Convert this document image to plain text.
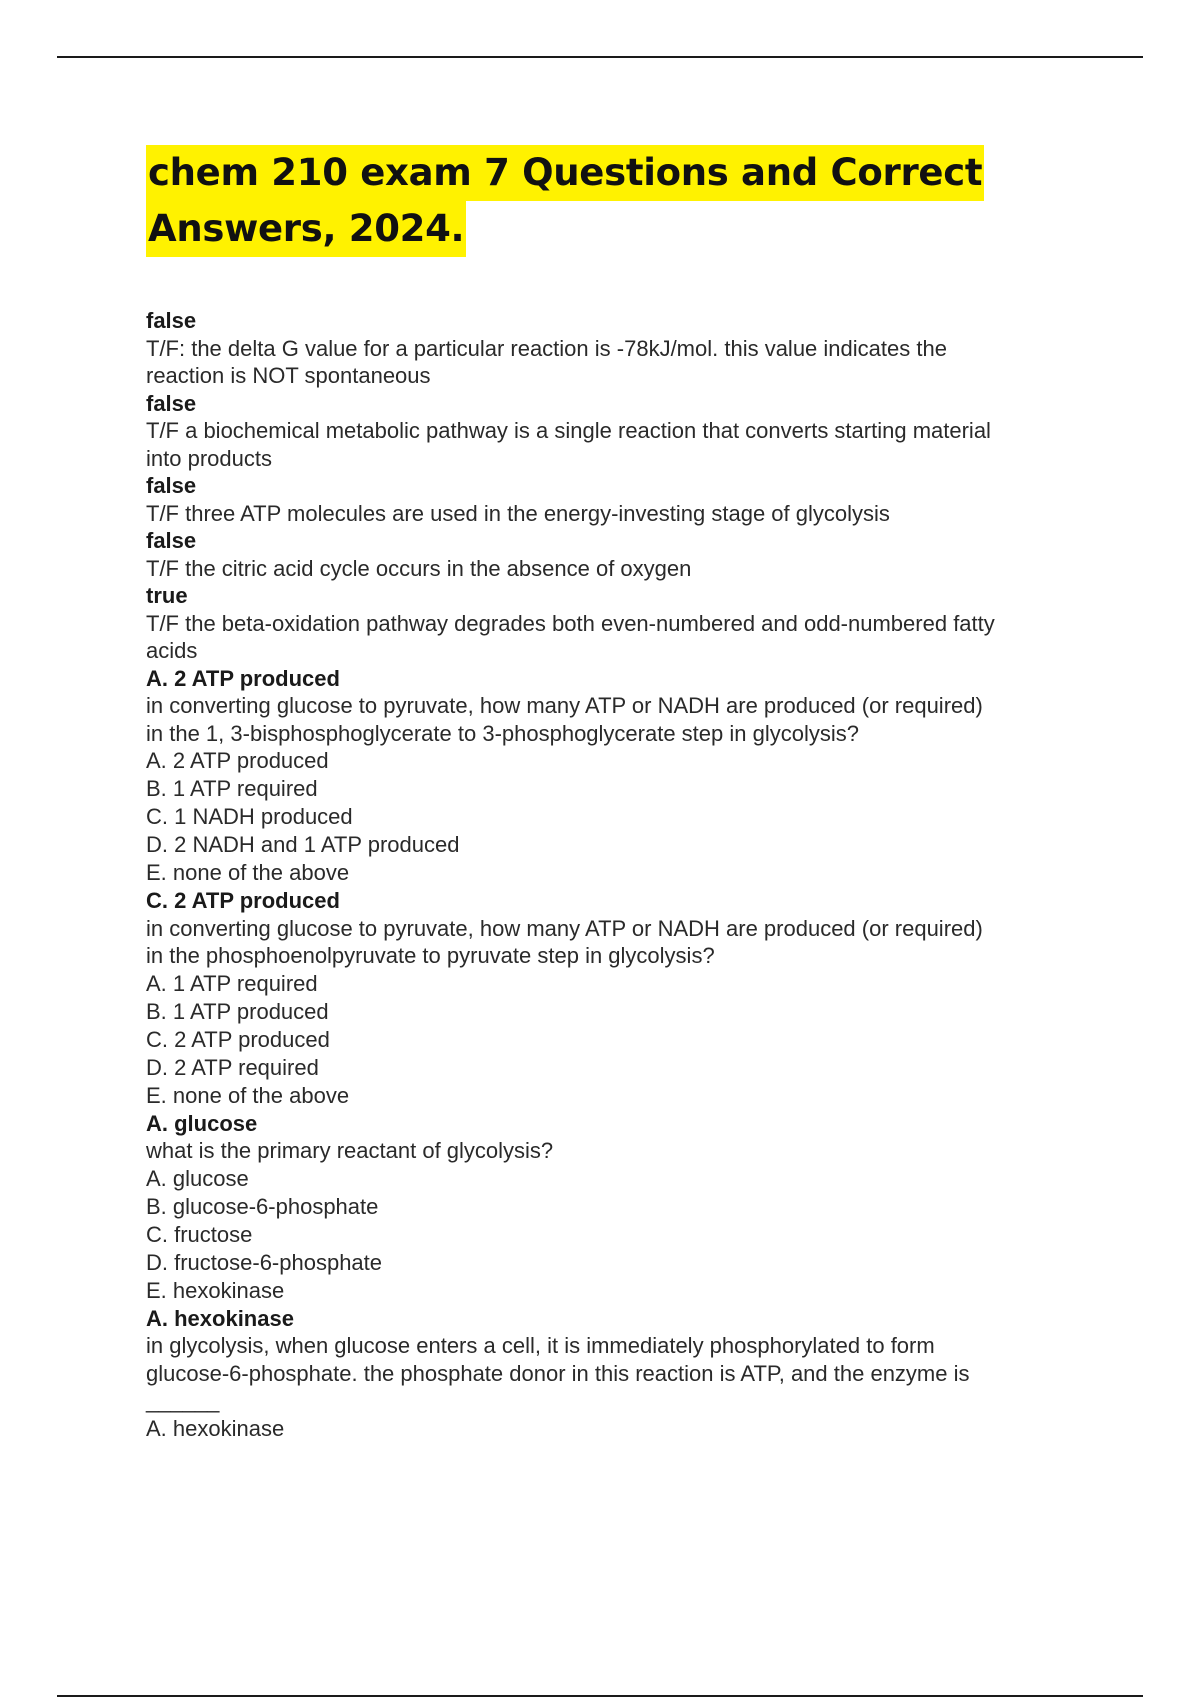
chem 210 exam 7 Questions and Correct
Answers, 2024.

false

T/F: the delta G value for a particular reaction is -78kJ/mol. this value indicates the
reaction is NOT spontaneous

false

T/F a biochemical metabolic pathway is a single reaction that converts starting material
into products

false

T/F three ATP molecules are used in the energy-investing stage of glycolysis

false

T/F the citric acid cycle occurs in the absence of oxygen

true

T/F the beta-oxidation pathway degrades both even-numbered and odd-numbered fatty
acids

A. 2 ATP produced

in converting glucose to pyruvate, how many ATP or NADH are produced (or required)
in the 1, 3-bisphosphoglycerate to 3-phosphoglycerate step in glycolysis?

A. 2 ATP produced

B. 1 ATP required

C. 1 NADH produced

D. 2 NADH and 1 ATP produced

E. none of the above

C. 2 ATP produced

in converting glucose to pyruvate, how many ATP or NADH are produced (or required)
in the phosphoenolpyruvate to pyruvate step in glycolysis?

A. 1 ATP required

B. 1 ATP produced

C. 2 ATP produced

D. 2 ATP required

E. none of the above

A. glucose

what is the primary reactant of glycolysis?

A. glucose

B. glucose-6-phosphate

C. fructose

D. fructose-6-phosphate

E. hexokinase

A. hexokinase

in glycolysis, when glucose enters a cell, it is immediately phosphorylated to form
glucose-6-phosphate. the phosphate donor in this reaction is ATP, and the enzyme is

______

A. hexokinase
